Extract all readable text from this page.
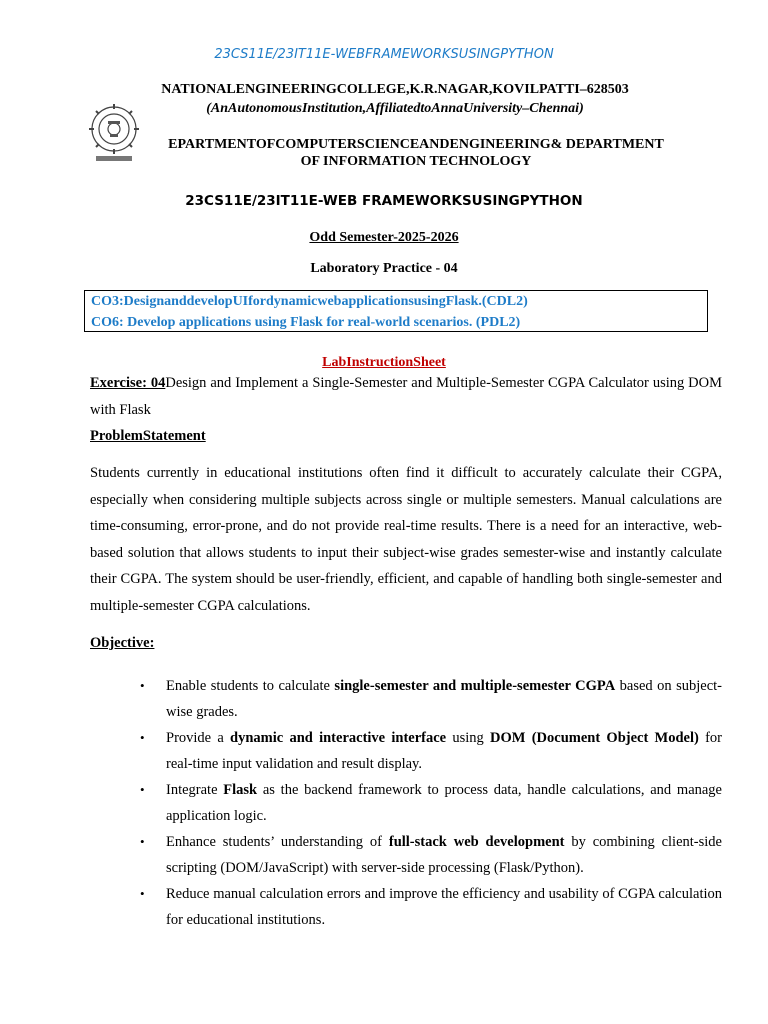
23CS11E/23IT11E-WEBFRAMEWORKSUSINGPYTHON
NATIONALENGINEERINGCOLLEGE,K.R.NAGAR,KOVILPATTI–628503
(AnAutonomousInstitution,AffiliatedtoAnnaUniversity–Chennai)
EPARTMENTOFCOMPUTERSCIENCEANDENGINEERING& DEPARTMENT
OF INFORMATION TECHNOLOGY
23CS11E/23IT11E-WEB FRAMEWORKSUSINGPYTHON
Odd Semester-2025-2026
Laboratory Practice - 04
CO3:DesignanddevelopUIfordynamicwebapplicationsusingFlask.(CDL2)
CO6: Develop applications using Flask for real-world scenarios. (PDL2)
LabInstructionSheet
Exercise: 04Design and Implement a Single-Semester and Multiple-Semester CGPA Calculator using DOM with Flask
ProblemStatement
Students currently in educational institutions often find it difficult to accurately calculate their CGPA, especially when considering multiple subjects across single or multiple semesters. Manual calculations are time-consuming, error-prone, and do not provide real-time results. There is a need for an interactive, web-based solution that allows students to input their subject-wise grades semester-wise and instantly calculate their CGPA. The system should be user-friendly, efficient, and capable of handling both single-semester and multiple-semester CGPA calculations.
Objective:
• Enable students to calculate single-semester and multiple-semester CGPA based on subject-wise grades.
• Provide a dynamic and interactive interface using DOM (Document Object Model) for real-time input validation and result display.
• Integrate Flask as the backend framework to process data, handle calculations, and manage application logic.
• Enhance students’ understanding of full-stack web development by combining client-side scripting (DOM/JavaScript) with server-side processing (Flask/Python).
• Reduce manual calculation errors and improve the efficiency and usability of CGPA calculation for educational institutions.
